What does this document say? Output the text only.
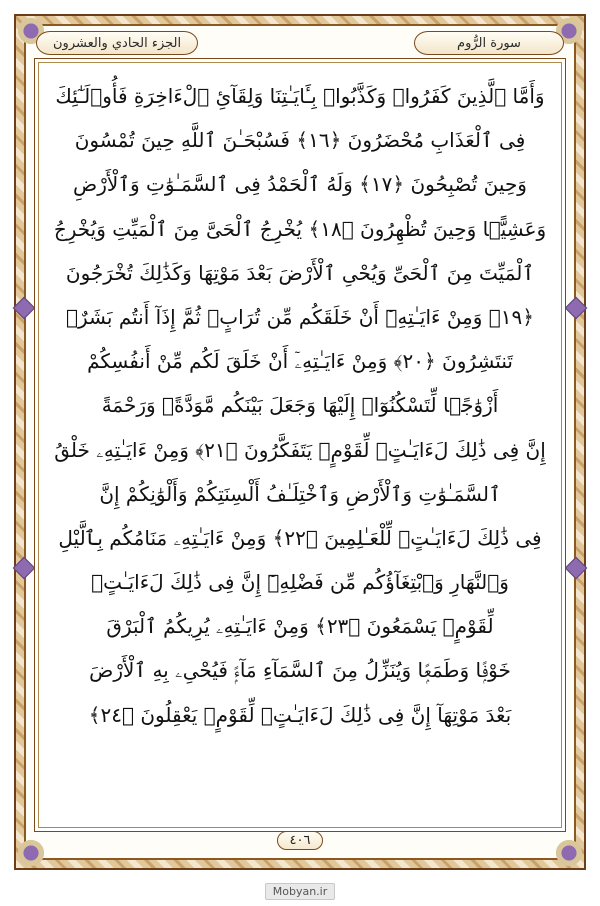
سورة الرُّوم
الجزء الحادي والعشرون
وَأَمَّا ٱلَّذِينَ كَفَرُوا۟ وَكَذَّبُوا۟ بِـَٔايَـٰتِنَا وَلِقَآئِ ٱلْءَاخِرَةِ فَأُو۟لَـٰٓئِكَ
فِى ٱلْعَذَابِ مُحْضَرُونَ ﴿١٦﴾ فَسُبْحَـٰنَ ٱللَّهِ حِينَ تُمْسُونَ
وَحِينَ تُصْبِحُونَ ﴿١٧﴾ وَلَهُ ٱلْحَمْدُ فِى ٱلسَّمَـٰوَٰتِ وَٱلْأَرْضِ
وَعَشِيًّۭا وَحِينَ تُظْهِرُونَ ﴿١٨﴾ يُخْرِجُ ٱلْحَىَّ مِنَ ٱلْمَيِّتِ وَيُخْرِجُ
ٱلْمَيِّتَ مِنَ ٱلْحَىِّ وَيُحْىِ ٱلْأَرْضَ بَعْدَ مَوْتِهَا وَكَذَٰلِكَ تُخْرَجُونَ
﴿١٩﴾ وَمِنْ ءَايَـٰتِهِۦٓ أَنْ خَلَقَكُم مِّن تُرَابٍۢ ثُمَّ إِذَآ أَنتُم بَشَرٌۭ
تَنتَشِرُونَ ﴿٢٠﴾ وَمِنْ ءَايَـٰتِهِۦٓ أَنْ خَلَقَ لَكُم مِّنْ أَنفُسِكُمْ
أَزْوَٰجًۭا لِّتَسْكُنُوٓا۟ إِلَيْهَا وَجَعَلَ بَيْنَكُم مَّوَدَّةًۭ وَرَحْمَةً
إِنَّ فِى ذَٰلِكَ لَءَايَـٰتٍۢ لِّقَوْمٍۢ يَتَفَكَّرُونَ ﴿٢١﴾ وَمِنْ ءَايَـٰتِهِۦ خَلْقُ
ٱلسَّمَـٰوَٰتِ وَٱلْأَرْضِ وَٱخْتِلَـٰفُ أَلْسِنَتِكُمْ وَأَلْوَٰنِكُمْ إِنَّ
فِى ذَٰلِكَ لَءَايَـٰتٍۢ لِّلْعَـٰلِمِينَ ﴿٢٢﴾ وَمِنْ ءَايَـٰتِهِۦ مَنَامُكُم بِٱلَّيْلِ
وَٱلنَّهَارِ وَٱبْتِغَآؤُكُم مِّن فَضْلِهِۦٓ إِنَّ فِى ذَٰلِكَ لَءَايَـٰتٍۢ
لِّقَوْمٍۢ يَسْمَعُونَ ﴿٢٣﴾ وَمِنْ ءَايَـٰتِهِۦ يُرِيكُمُ ٱلْبَرْقَ
خَوْفًۭا وَطَمَعًۭا وَيُنَزِّلُ مِنَ ٱلسَّمَآءِ مَآءًۭ فَيُحْىِۦ بِهِ ٱلْأَرْضَ
بَعْدَ مَوْتِهَآ إِنَّ فِى ذَٰلِكَ لَءَايَـٰتٍۢ لِّقَوْمٍۢ يَعْقِلُونَ ﴿٢٤﴾
٤٠٦
Mobyan.ir
